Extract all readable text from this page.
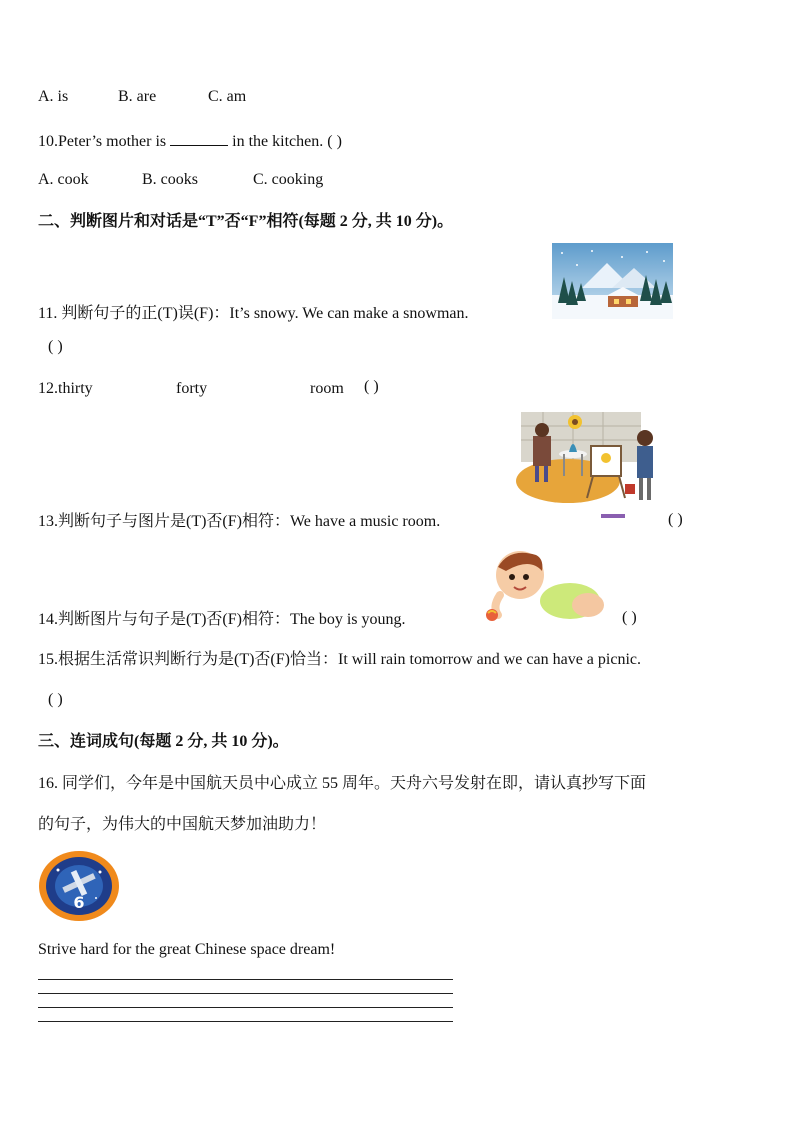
A. is	B. are	C. am
10.Peter’s mother is	in the kitchen. ( )
A. cook	B. cooks	C. cooking
二、判断图片和对话是“T”否“F”相符(每题 2 分, 共 10 分)。
11. 判断句子的正(T)误(F)：It’s snowy. We can make a snowman.
( )
12.thirty	forty	room ( )
13.判断句子与图片是(T)否(F)相符：We have a music room.	( )
14.判断图片与句子是(T)否(F)相符：The boy is young.	( )
15.根据生活常识判断行为是(T)否(F)恰当：It will rain tomorrow and we can have a picnic.
( )
三、连词成句(每题 2 分, 共 10 分)。
16. 同学们，今年是中国航天员中心成立 55 周年。天舟六号发射在即，请认真抄写下面
的句子，为伟大的中国航天梦加油助力！
6
Strive hard for the great Chinese space dream!
